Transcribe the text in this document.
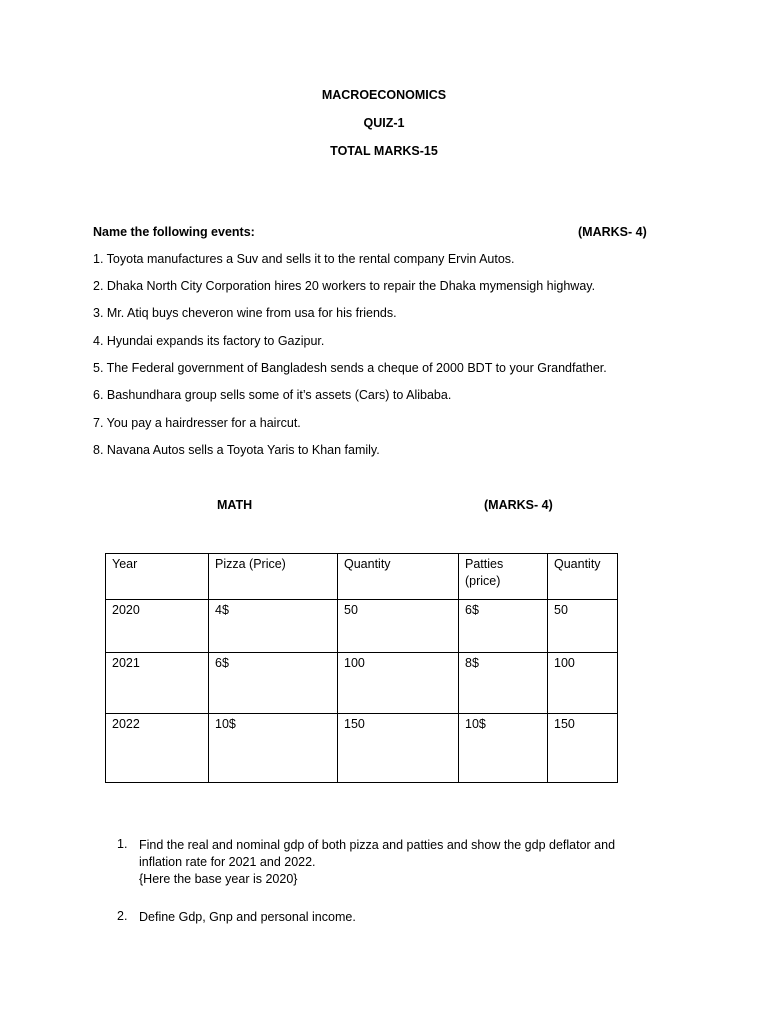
MACROECONOMICS
QUIZ-1
TOTAL MARKS-15
Name the following events:	(MARKS- 4)
1. Toyota manufactures a Suv and sells it to the rental company Ervin Autos.
2. Dhaka North City Corporation hires 20 workers to repair the Dhaka mymensigh highway.
3. Mr. Atiq buys cheveron wine from usa for his friends.
4. Hyundai expands its factory to Gazipur.
5. The Federal government of Bangladesh sends a cheque of 2000 BDT to your Grandfather.
6. Bashundhara group sells some of it’s assets (Cars) to Alibaba.
7. You pay a hairdresser for a haircut.
8. Navana Autos sells a Toyota Yaris to Khan family.
MATH	(MARKS- 4)
Year	Pizza (Price)	Quantity	Patties (price)	Quantity
2020	4$	50	6$	50
2021	6$	100	8$	100
2022	10$	150	10$	150
1. Find the real and nominal gdp of both pizza and patties and show the gdp deflator and inflation rate for 2021 and 2022.
{Here the base year is 2020}
2. Define Gdp, Gnp and personal income.
